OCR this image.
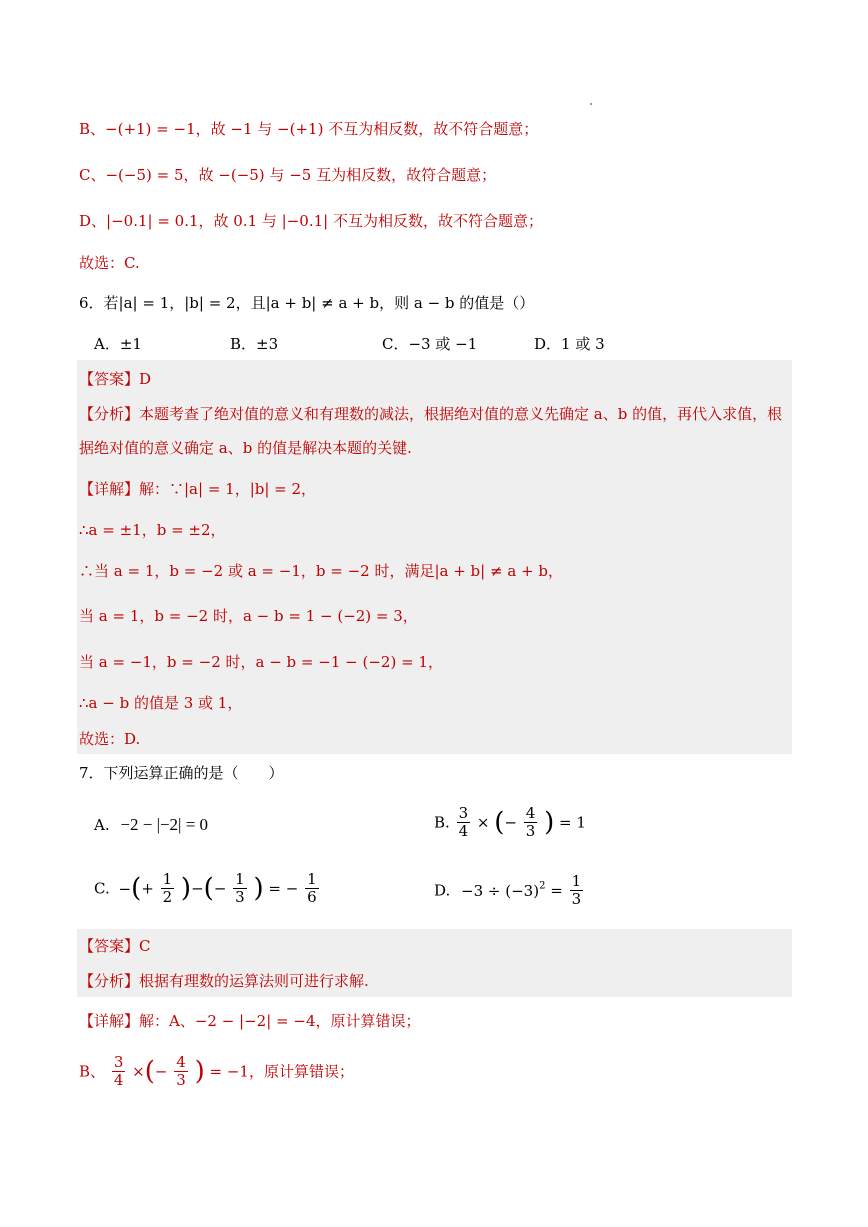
B、−(+1) = −1，故 −1 与 −(+1) 不互为相反数，故不符合题意；
C、−(−5) = 5，故 −(−5) 与 −5 互为相反数，故符合题意；
D、|−0.1| = 0.1，故 0.1 与 |−0.1| 不互为相反数，故不符合题意；
故选：C.
6．若|a| = 1，|b| = 2，且|a + b| ≠ a + b，则 a − b 的值是（）
A．±1	B．±3	C．−3 或 −1	D．1 或 3
【答案】D
【分析】本题考查了绝对值的意义和有理数的减法，根据绝对值的意义先确定 a、b 的值，再代入求值，根
据绝对值的意义确定 a、b 的值是解决本题的关键.
【详解】解：∵|a| = 1，|b| = 2，
∴a = ±1，b = ±2，
∴当 a = 1，b = −2 或 a = −1，b = −2 时，满足|a + b| ≠ a + b，
当 a = 1，b = −2 时，a − b = 1 − (−2) = 3，
当 a = −1，b = −2 时，a − b = −1 − (−2) = 1，
∴a − b 的值是 3 或 1，
故选：D.
7．下列运算正确的是（　　）
A. −2 − |−2| = 0	B. $\frac{3}{4}$ × (− $\frac{4}{3}$ ) = 1
C. −(+ $\frac{1}{2}$ )−(− $\frac{1}{3}$ ) = − $\frac{1}{6}$	D. $-3 \div (-3)^2 = \frac{1}{3}$
【答案】C
【分析】根据有理数的运算法则可进行求解.
【详解】解：A、−2 − |−2| = −4，原计算错误；
B、 $\frac{3}{4}$ ×(− $\frac{4}{3}$ ) = −1，原计算错误；
